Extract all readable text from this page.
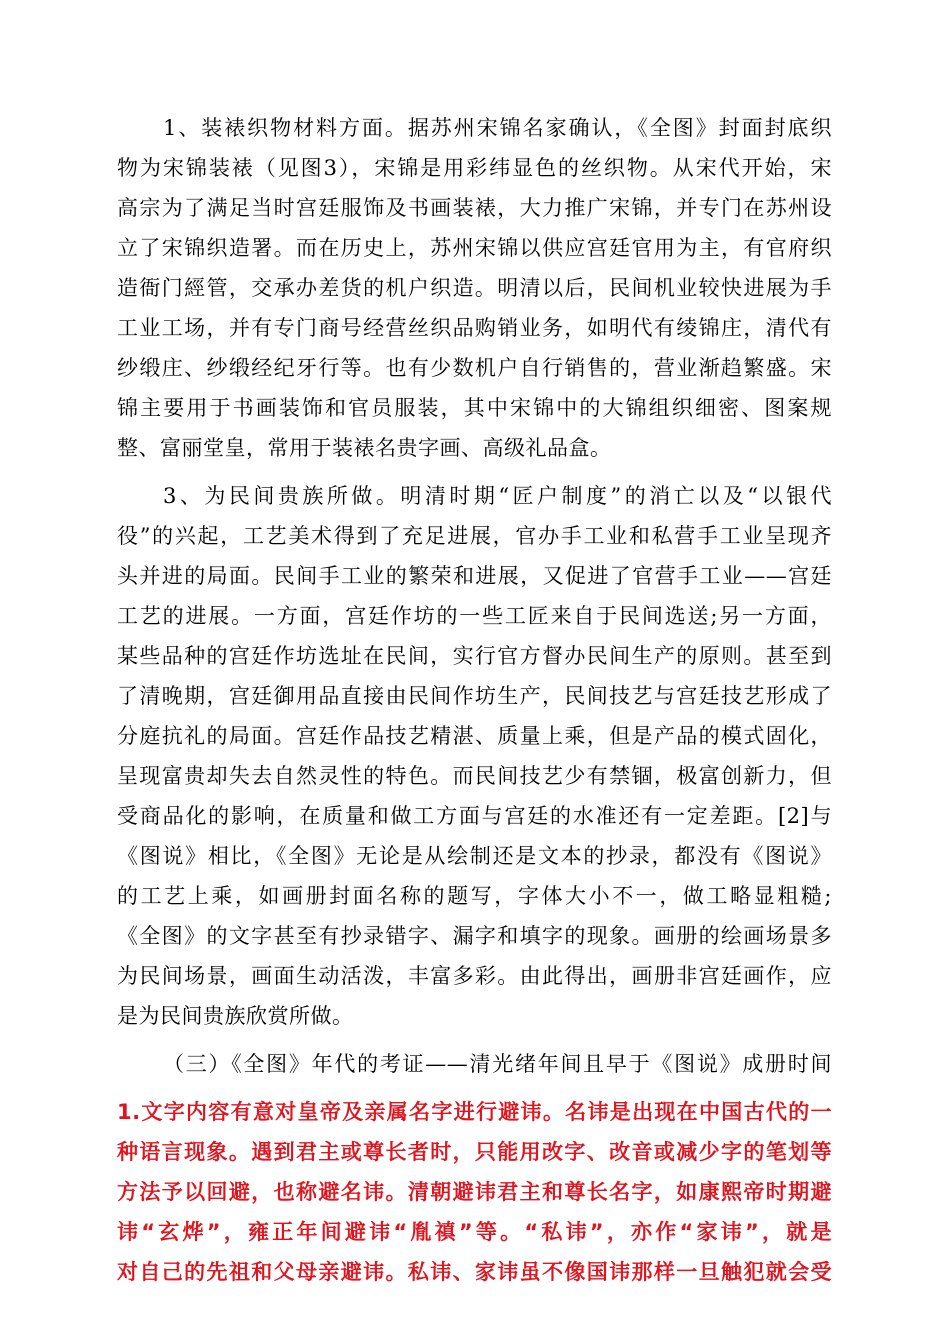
1、装裱织物材料方面。据苏州宋锦名家确认，《全图》封面封底织
物为宋锦装裱（见图3），宋锦是用彩纬显色的丝织物。从宋代开始，宋
高宗为了满足当时宫廷服饰及书画装裱，大力推广宋锦，并专门在苏州设
立了宋锦织造署。而在历史上，苏州宋锦以供应宫廷官用为主，有官府织
造衙门經管，交承办差货的机户织造。明清以后，民间机业较快进展为手
工业工场，并有专门商号经营丝织品购销业务，如明代有绫锦庄，清代有
纱缎庄、纱缎经纪牙行等。也有少数机户自行销售的，营业渐趋繁盛。宋
锦主要用于书画装饰和官员服装，其中宋锦中的大锦组织细密、图案规
整、富丽堂皇，常用于装裱名贵字画、高级礼品盒。
3、为民间贵族所做。明清时期“匠户制度”的消亡以及“以银代
役”的兴起，工艺美术得到了充足进展，官办手工业和私营手工业呈现齐
头并进的局面。民间手工业的繁荣和进展，又促进了官营手工业——宫廷
工艺的进展。一方面，宫廷作坊的一些工匠来自于民间选送;另一方面，
某些品种的宫廷作坊选址在民间，实行官方督办民间生产的原则。甚至到
了清晚期，宫廷御用品直接由民间作坊生产，民间技艺与宫廷技艺形成了
分庭抗礼的局面。宫廷作品技艺精湛、质量上乘，但是产品的模式固化，
呈现富贵却失去自然灵性的特色。而民间技艺少有禁锢，极富创新力，但
受商品化的影响，在质量和做工方面与宫廷的水准还有一定差距。[2]与
《图说》相比，《全图》无论是从绘制还是文本的抄录，都没有《图说》
的工艺上乘，如画册封面名称的题写，字体大小不一，做工略显粗糙;
《全图》的文字甚至有抄录错字、漏字和填字的现象。画册的绘画场景多
为民间场景，画面生动活泼，丰富多彩。由此得出，画册非宫廷画作，应
是为民间贵族欣赏所做。
（三）《全图》年代的考证——清光绪年间且早于《图说》成册时间
1.文字内容有意对皇帝及亲属名字进行避讳。名讳是出现在中国古代的一
种语言现象。遇到君主或尊长者时，只能用改字、改音或减少字的笔划等
方法予以回避，也称避名讳。清朝避讳君主和尊长名字，如康熙帝时期避
讳“玄烨”，雍正年间避讳“胤禛”等。“私讳”，亦作“家讳”，就是
对自己的先祖和父母亲避讳。私讳、家讳虽不像国讳那样一旦触犯就会受
